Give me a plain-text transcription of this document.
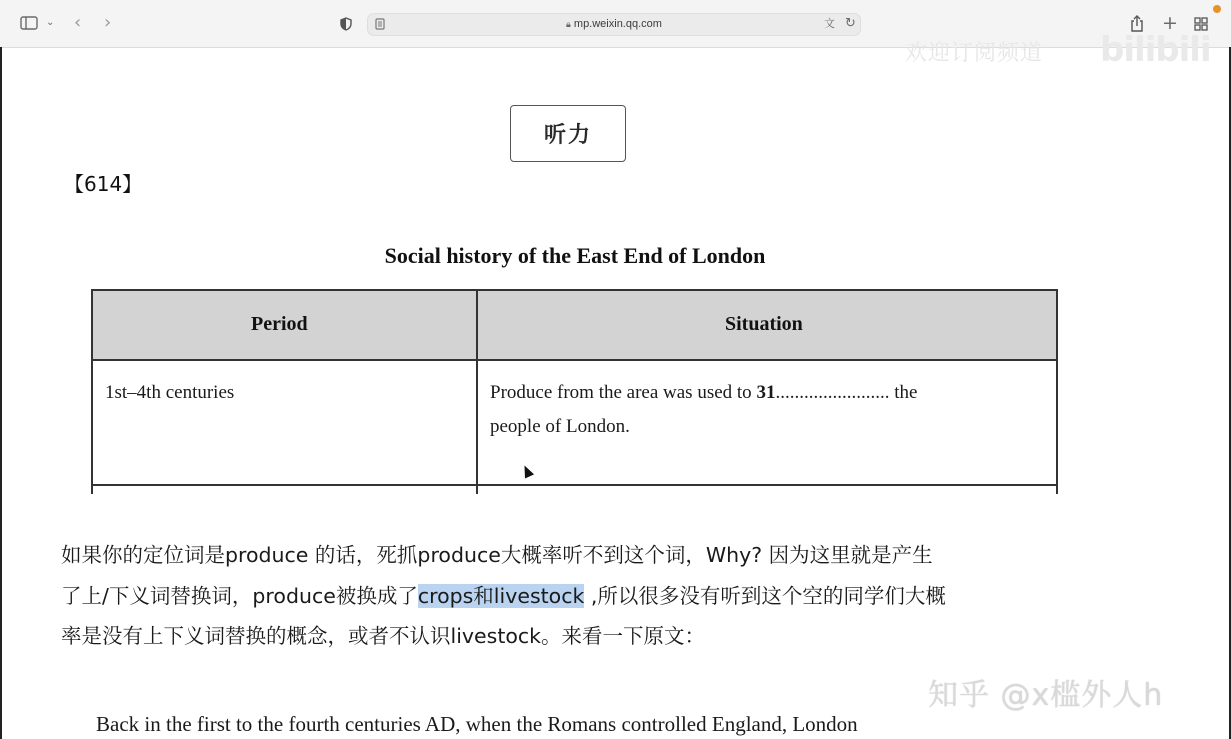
⌄ ‹ ›	🔒︎ mp.weixin.qq.com	⽂ ↻	+
欢迎订阅频道 bilibili
听力
【614】
Social history of the East End of London
Period	Situation
1st–4th centuries	Produce from the area was used to 31........................ the
people of London.
如果你的定位词是produce 的话，死抓produce大概率听不到这个词，Why? 因为这里就是产生
了上/下义词替换词，produce被换成了crops和livestock ,所以很多没有听到这个空的同学们大概
率是没有上下义词替换的概念，或者不认识livestock。来看一下原文：
知乎 @x槛外人h
Back in the first to the fourth centuries AD, when the Romans controlled England, London
